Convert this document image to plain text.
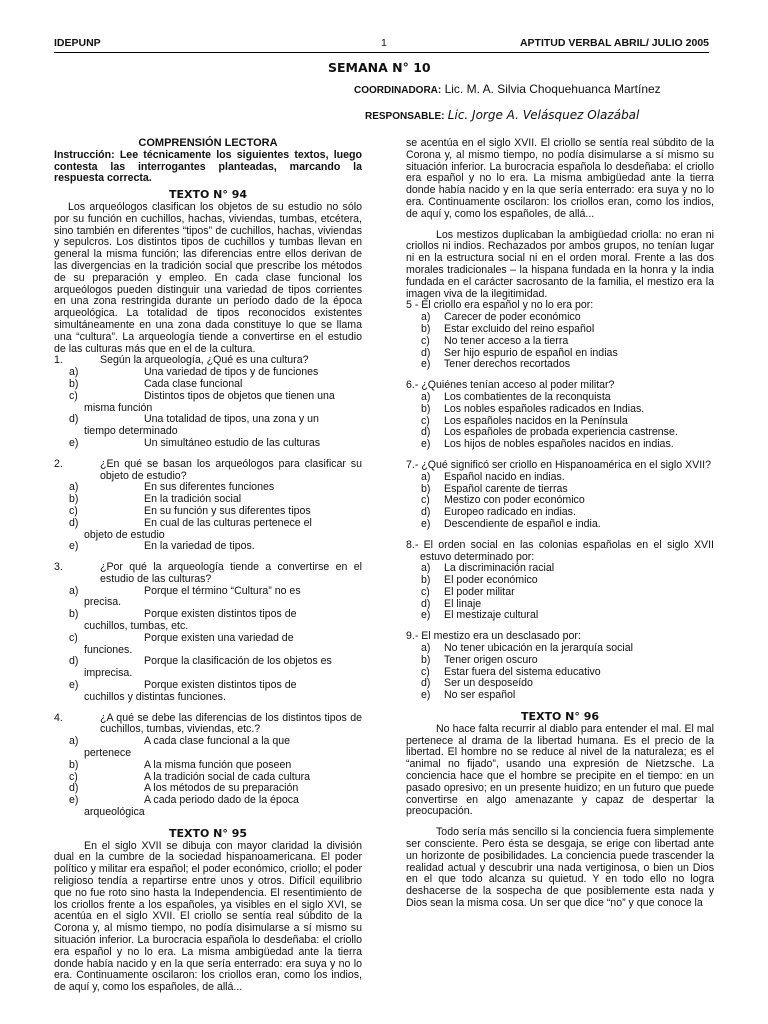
IDEPUNP	1	APTITUD VERBAL ABRIL/ JULIO 2005
SEMANA N° 10
COORDINADORA: Lic. M. A. Silvia Choquehuanca Martínez
RESPONSABLE: Lic. Jorge A. Velásquez Olazábal

COMPRENSIÓN LECTORA

Instrucción: Lee técnicamente los siguientes textos, luego contesta las interrogantes planteadas, marcando la respuesta correcta.

TEXTO N° 94

Los arqueólogos clasifican los objetos de su estudio no sólo por su función en cuchillos, hachas, viviendas, tumbas, etcétera, sino también en diferentes “tipos” de cuchillos, hachas, viviendas y sepulcros. Los distintos tipos de cuchillos y tumbas llevan en general la misma función; las diferencias entre ellos derivan de las divergencias en la tradición social que prescribe los métodos de su preparación y empleo. En cada clase funcional los arqueólogos pueden distinguir una variedad de tipos corrientes en una zona restringida durante un período dado de la época arqueológica. La totalidad de tipos reconocidos existentes simultáneamente en una zona dada constituye lo que se llama una “cultura”. La arqueología tiende a convertirse en el estudio de las culturas más que en el de la cultura.

1.	Según la arqueología, ¿Qué es una cultura?
a)	Una variedad de tipos y de funciones
b)	Cada clase funcional
c)	Distintos tipos de objetos que tienen una
misma función
d)	Una totalidad de tipos, una zona y un
tiempo determinado
e)	Un simultáneo estudio de las culturas
2.	¿En qué se basan los arqueólogos para clasificar su objeto de estudio?
a)	En sus diferentes funciones
b)	En la tradición social
c)	En su función y sus diferentes tipos
d)	En cual de las culturas pertenece el
objeto de estudio
e)	En la variedad de tipos.
3.	¿Por qué la arqueología tiende a convertirse en el estudio de las culturas?
a)	Porque el término “Cultura” no es
precisa.
b)	Porque existen distintos tipos de
cuchillos, tumbas, etc.
c)	Porque existen una variedad de
funciones.
d)	Porque la clasificación de los objetos es
imprecisa.
e)	Porque existen distintos tipos de
cuchillos y distintas funciones.
4.	¿A qué se debe las diferencias de los distintos tipos de cuchillos, tumbas, viviendas, etc.?
a)	A cada clase funcional a la que
pertenece
b)	A la misma función que poseen
c)	A la tradición social de cada cultura
d)	A los métodos de su preparación
e)	A cada periodo dado de la época
arqueológica

TEXTO N° 95

En el siglo XVII se dibuja con mayor claridad la división dual en la cumbre de la sociedad hispanoamericana. El poder político y militar era español; el poder económico, criollo; el poder religioso tendía a repartirse entre unos y otros. Difícil equilibrio que no fue roto sino hasta la Independencia. El resentimiento de los criollos frente a los españoles, ya visibles en el siglo XVI, se acentúa en el siglo XVII. El criollo se sentía real súbdito de la Corona y, al mismo tiempo, no podía disimularse a sí mismo su situación inferior. La burocracia española lo desdeñaba: el criollo era español y no lo era. La misma ambigüedad ante la tierra donde había nacido y en la que sería enterrado: era suya y no lo era. Continuamente oscilaron: los criollos eran, como los indios, de aquí y, como los españoles, de allá...

se acentúa en el siglo XVII. El criollo se sentía real súbdito de la Corona y, al mismo tiempo, no podía disimularse a sí mismo su situación inferior. La burocracia española lo desdeñaba: el criollo era español y no lo era. La misma ambigüedad ante la tierra donde había nacido y en la que sería enterrado: era suya y no lo era. Continuamente oscilaron: los criollos eran, como los indios, de aquí y, como los españoles, de allá...

Los mestizos duplicaban la ambigüedad criolla: no eran ni criollos ni indios. Rechazados por ambos grupos, no tenían lugar ni en la estructura social ni en el orden moral. Frente a las dos morales tradicionales – la hispana fundada en la honra y la india fundada en el carácter sacrosanto de la familia, el mestizo era la imagen viva de la ilegitimidad.

5 - El criollo era español y no lo era por:
a)	Carecer de poder económico
b)	Estar excluido del reino español
c)	No tener acceso a la tierra
d)	Ser hijo espurio de español en indias
e)	Tener derechos recortados
6.- ¿Quiénes tenían acceso al poder militar?
a)	Los combatientes de la reconquista
b)	Los nobles españoles radicados en Indias.
c)	Los españoles nacidos en la Península
d)	Los españoles de probada experiencia castrense.
e)	Los hijos de nobles españoles nacidos en indias.
7.- ¿Qué significó ser criollo en Hispanoamérica en el siglo XVII?
a)	Español nacido en indias.
b)	Español carente de tierras
c)	Mestizo con poder económico
d)	Europeo radicado en indias.
e)	Descendiente de español e india.
8.- El orden social en las colonias españolas en el siglo XVII estuvo determinado por:
a)	La discriminación racial
b)	El poder económico
c)	El poder militar
d)	El linaje
e)	El mestizaje cultural
9.- El mestizo era un desclasado por:
a)	No tener ubicación en la jerarquía social
b)	Tener origen oscuro
c)	Estar fuera del sistema educativo
d)	Ser un desposeído
e)	No ser español

TEXTO N° 96

No hace falta recurrir al diablo para entender el mal. El mal pertenece al drama de la libertad humana. Es el precio de la libertad. El hombre no se reduce al nivel de la naturaleza; es el “animal no fijado”, usando una expresión de Nietzsche. La conciencia hace que el hombre se precipite en el tiempo: en un pasado opresivo; en un presente huidizo; en un futuro que puede convertirse en algo amenazante y capaz de despertar la preocupación.

Todo sería más sencillo si la conciencia fuera simplemente ser consciente. Pero ésta se desgaja, se erige con libertad ante un horizonte de posibilidades. La conciencia puede trascender la realidad actual y descubrir una nada vertiginosa, o bien un Dios en el que todo alcanza su quietud. Y en todo ello no logra deshacerse de la sospecha de que posiblemente esta nada y Dios sean la misma cosa. Un ser que dice “no” y que conoce la
